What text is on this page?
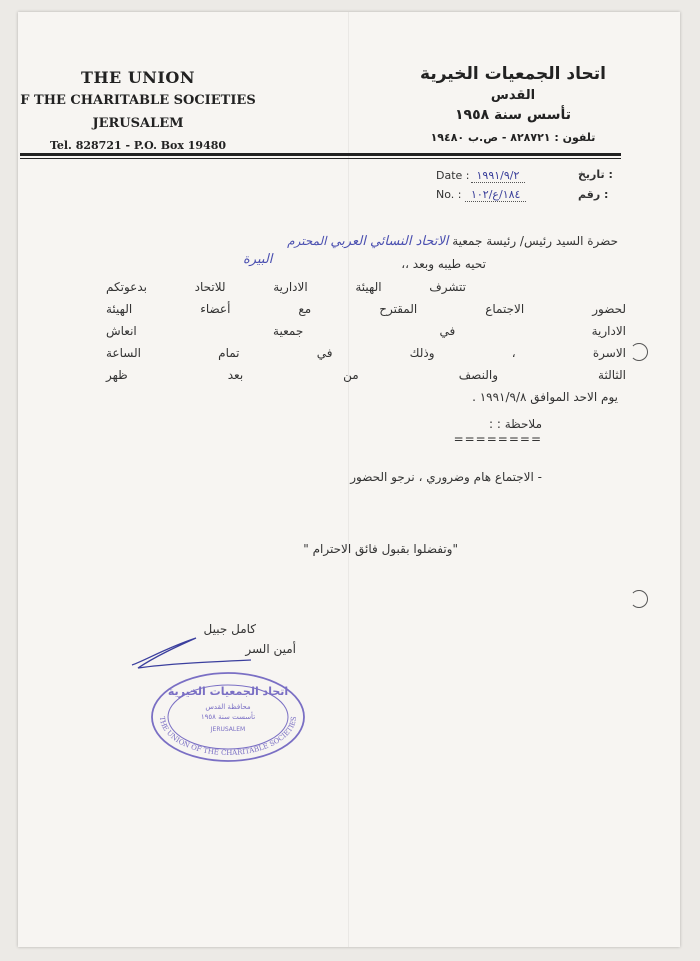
THE UNION
F THE CHARITABLE SOCIETIES
JERUSALEM
Tel. 828721 - P.O. Box 19480
اتحاد الجمعيات الخيرية
القدس
تأسس سنة ١٩٥٨
تلفون : ٨٢٨٧٢١ - ص.ب ١٩٤٨٠
Date : ١٩٩١/٩/٢	تاريخ :
No. : ١٨٤/ع/١٠٢	رقم :
حضرة السيد رئيس/ رئيسة جمعية الاتحاد النسائي العربي المحترم
البيرة	تحيه طيبه وبعد ،،
تتشرف الهيئة الادارية للاتحاد بدعوتكم
لحضور الاجتماع المقترح مع أعضاء الهيئة
الادارية في جمعية انعاش
الاسرة ، وذلك في تمام الساعة
الثالثة والنصف من بعد ظهر
يوم الاحد الموافق ١٩٩١/٩/٨ .
ملاحظة : :
========
- الاجتماع هام وضروري ، نرجو الحضور
"وتفضلوا بقبول فائق الاحترام "
كامل جبيل
أمين السر
اتحاد الجمعيات الخيرية
محافظة القدس
تأسست سنة ١٩٥٨
JERUSALEM
THE UNION OF THE CHARITABLE SOCIETIES
